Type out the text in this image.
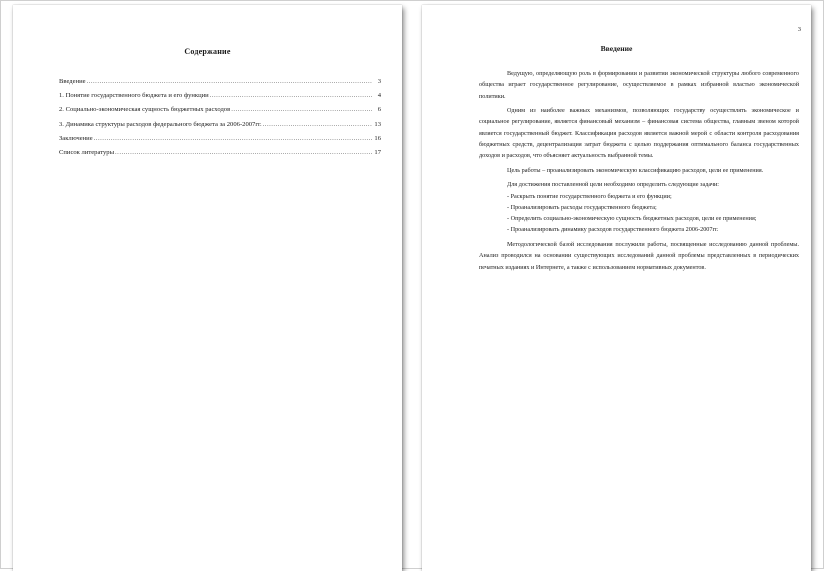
Содержание
Введение .....	3
1. Понятие государственного бюджета и его функции .....	4
2. Социально-экономическая сущность бюджетных расходов .....	6
3. Динамика структуры расходов федерального бюджета за 2006-2007гг. .....	13
Заключение .....	16
Список литературы .....	17
3
Введение

Ведущую, определяющую роль в формировании и развитии экономической структуры любого современного общества играет государственное регулирование, осуществляемое в рамках избранной властью экономической политики.

Одним из наиболее важных механизмов, позволяющих государству осуществлять экономическое и социальное регулирование, является финансовый механизм – финансовая система общества, главным звеном которой является государственный бюджет. Классификация расходов является важной мерой с области контроля расходования бюджетных средств, децентрализация затрат бюджета с целью поддержания оптимального баланса государственных доходов и расходов, что объясняет актуальность выбранной темы.

Цель работы – проанализировать экономическую классификацию расходов, цели ее применения.

Для достижения поставленной цели необходимо определить следующие задачи:

- Раскрыть понятие государственного бюджета и его функции;

- Проанализировать расходы государственного бюджета;

- Определить социально-экономическую сущность бюджетных расходов, цели ее применения;

- Проанализировать динамику расходов государственного бюджета 2006-2007гг.

Методологической базой исследования послужили работы, посвященные исследованию данной проблемы. Анализ проводился на основании существующих исследований данной проблемы представленных в периодических печатных изданиях и Интернете, а также с использованием нормативных документов.
